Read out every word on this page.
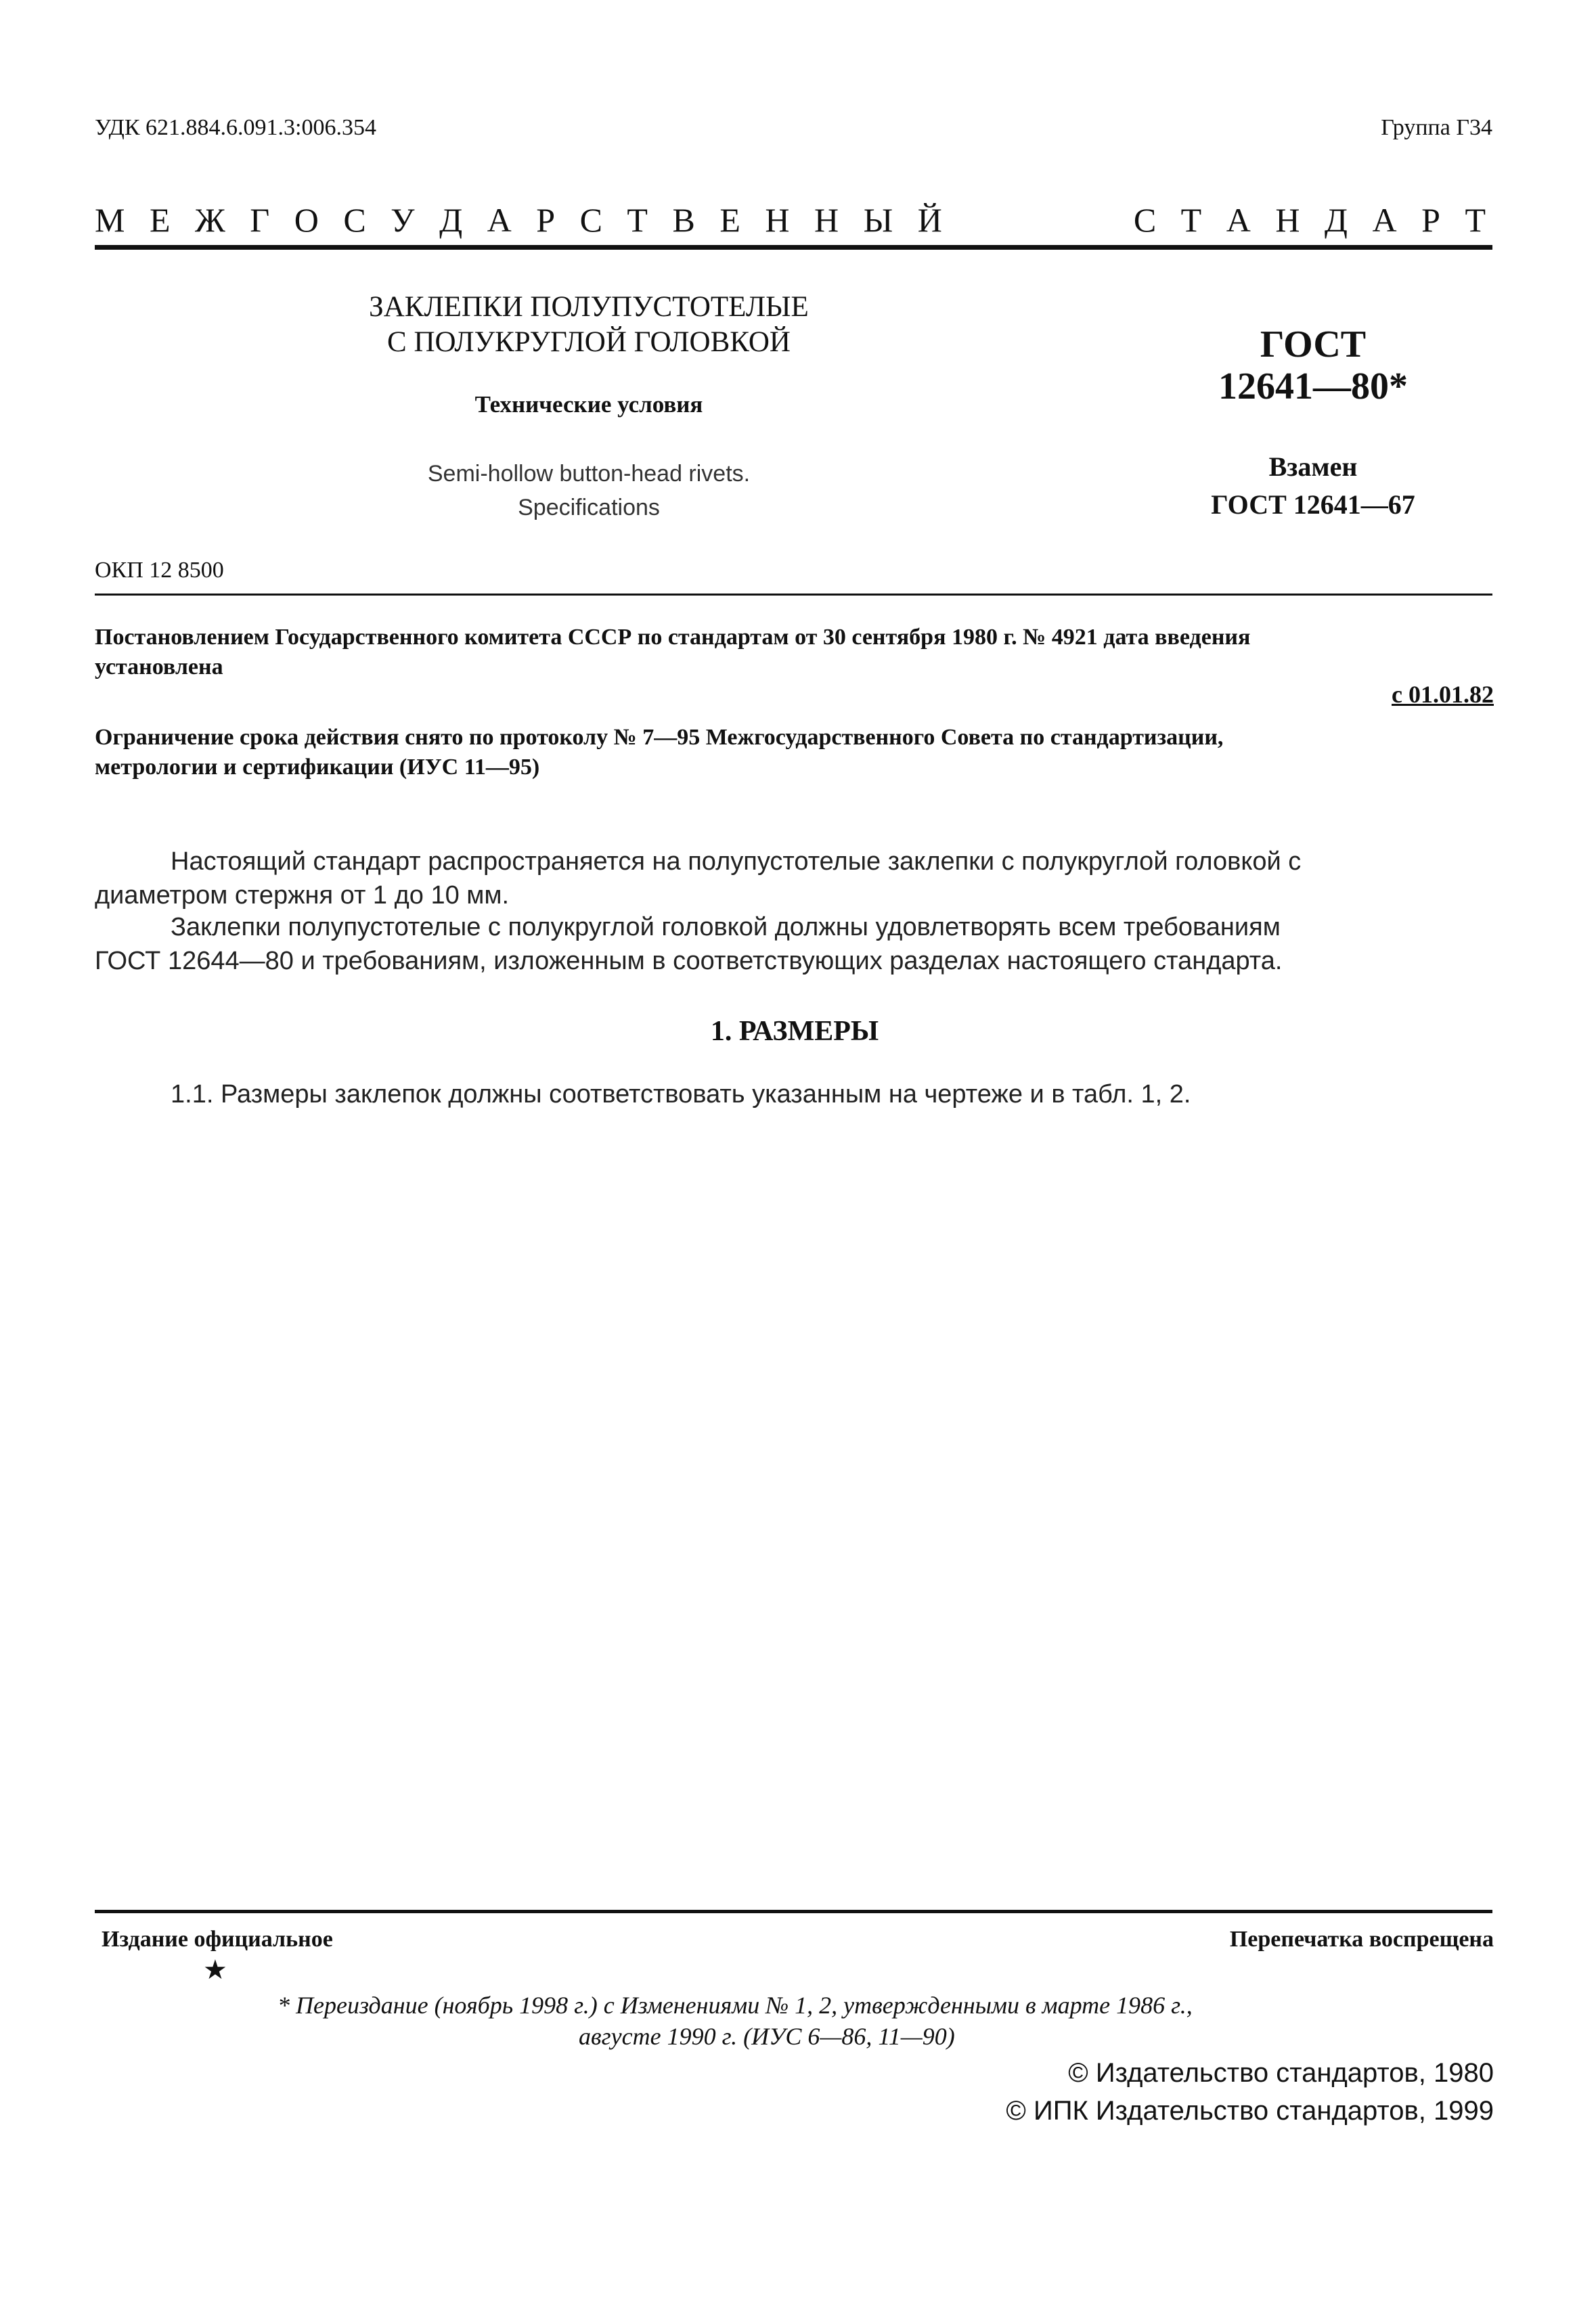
УДК 621.884.6.091.3:006.354	Группа Г34
М Е Ж Г О С У Д А Р С Т В Е Н Н Ы Й	С Т А Н Д А Р Т
ЗАКЛЕПКИ ПОЛУПУСТОТЕЛЫЕ
С ПОЛУКРУГЛОЙ ГОЛОВКОЙ
Технические условия
Semi-hollow button-head rivets.
Specifications
ГОСТ
12641—80*
Взамен
ГОСТ 12641—67
ОКП 12 8500
Постановлением Государственного комитета СССР по стандартам от 30 сентября 1980 г. № 4921 дата введения
установлена
с 01.01.82
Ограничение срока действия снято по протоколу № 7—95 Межгосударственного Совета по стандартизации,
метрологии и сертификации (ИУС 11—95)
Настоящий стандарт распространяется на полупустотелые заклепки с полукруглой головкой с
диаметром стержня от 1 до 10 мм.
Заклепки полупустотелые с полукруглой головкой должны удовлетворять всем требованиям
ГОСТ 12644—80 и требованиям, изложенным в соответствующих разделах настоящего стандарта.
1. РАЗМЕРЫ
1.1. Размеры заклепок должны соответствовать указанным на чертеже и в табл. 1, 2.
Издание официальное	Перепечатка воспрещена
★
* Переиздание (ноябрь 1998 г.) с Изменениями № 1, 2, утвержденными в марте 1986 г.,
августе 1990 г. (ИУС 6—86, 11—90)
© Издательство стандартов, 1980
© ИПК Издательство стандартов, 1999
